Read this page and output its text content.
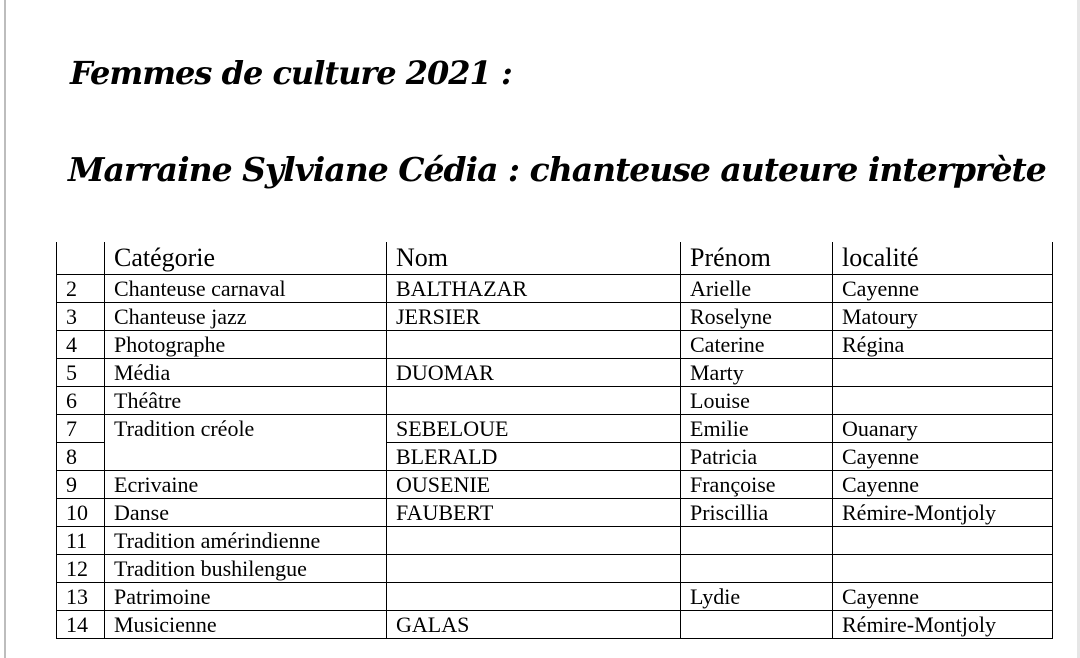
Femmes de culture 2021 :
Marraine Sylviane Cédia : chanteuse auteure interprète
	Catégorie	Nom	Prénom	localité
2	Chanteuse carnaval	BALTHAZAR	Arielle	Cayenne
3	Chanteuse jazz	JERSIER	Roselyne	Matoury
4	Photographe		Caterine	Régina
5	Média	DUOMAR	Marty	
6	Théâtre		Louise	
7	Tradition créole	SEBELOUE	Emilie	Ouanary
8		BLERALD	Patricia	Cayenne
9	Ecrivaine	OUSENIE	Françoise	Cayenne
10	Danse	FAUBERT	Priscillia	Rémire-Montjoly
11	Tradition amérindienne			
12	Tradition bushilengue			
13	Patrimoine		Lydie	Cayenne
14	Musicienne	GALAS		Rémire-Montjoly
